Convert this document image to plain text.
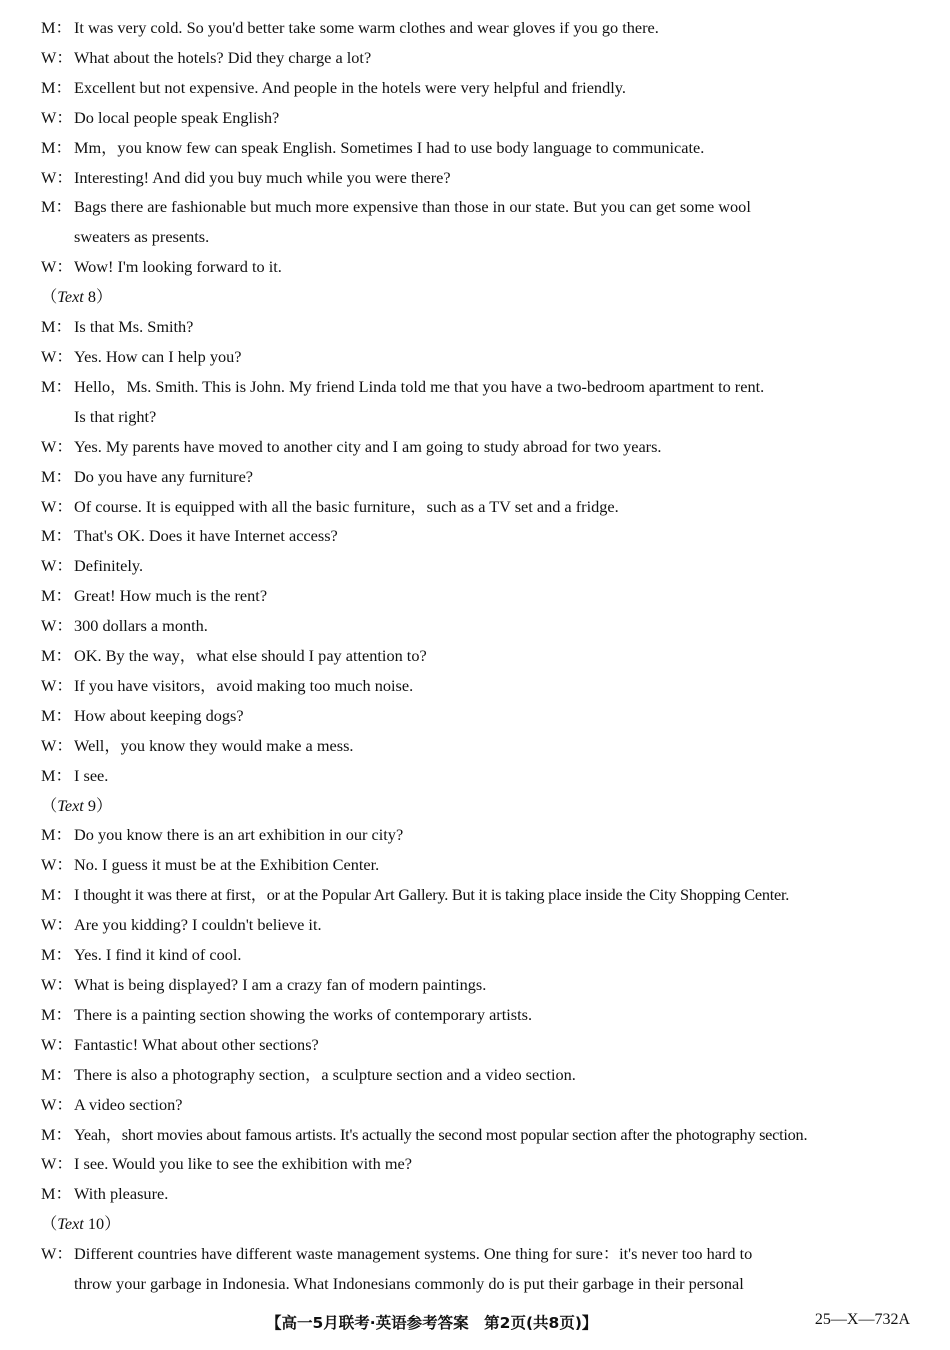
M： It was very cold. So you'd better take some warm clothes and wear gloves if you go there.
W： What about the hotels? Did they charge a lot?
M： Excellent but not expensive. And people in the hotels were very helpful and friendly.
W： Do local people speak English?
M： Mm，you know few can speak English. Sometimes I had to use body language to communicate.
W： Interesting! And did you buy much while you were there?
M： Bags there are fashionable but much more expensive than those in our state. But you can get some wool
sweaters as presents.
W： Wow! I'm looking forward to it.
（Text 8）
M： Is that Ms. Smith?
W： Yes. How can I help you?
M： Hello，Ms. Smith. This is John. My friend Linda told me that you have a two-bedroom apartment to rent.
Is that right?
W： Yes. My parents have moved to another city and I am going to study abroad for two years.
M： Do you have any furniture?
W： Of course. It is equipped with all the basic furniture，such as a TV set and a fridge.
M： That's OK. Does it have Internet access?
W： Definitely.
M： Great! How much is the rent?
W： 300 dollars a month.
M： OK. By the way，what else should I pay attention to?
W： If you have visitors，avoid making too much noise.
M： How about keeping dogs?
W： Well，you know they would make a mess.
M： I see.
（Text 9）
M： Do you know there is an art exhibition in our city?
W： No. I guess it must be at the Exhibition Center.
M： I thought it was there at first，or at the Popular Art Gallery. But it is taking place inside the City Shopping Center.
W： Are you kidding? I couldn't believe it.
M： Yes. I find it kind of cool.
W： What is being displayed? I am a crazy fan of modern paintings.
M： There is a painting section showing the works of contemporary artists.
W： Fantastic! What about other sections?
M： There is also a photography section，a sculpture section and a video section.
W： A video section?
M： Yeah，short movies about famous artists. It's actually the second most popular section after the photography section.
W： I see. Would you like to see the exhibition with me?
M： With pleasure.
（Text 10）
W： Different countries have different waste management systems. One thing for sure：it's never too hard to
throw your garbage in Indonesia. What Indonesians commonly do is put their garbage in their personal
【高一5月联考·英语参考答案　第2页(共8页)】	25—X—732A
